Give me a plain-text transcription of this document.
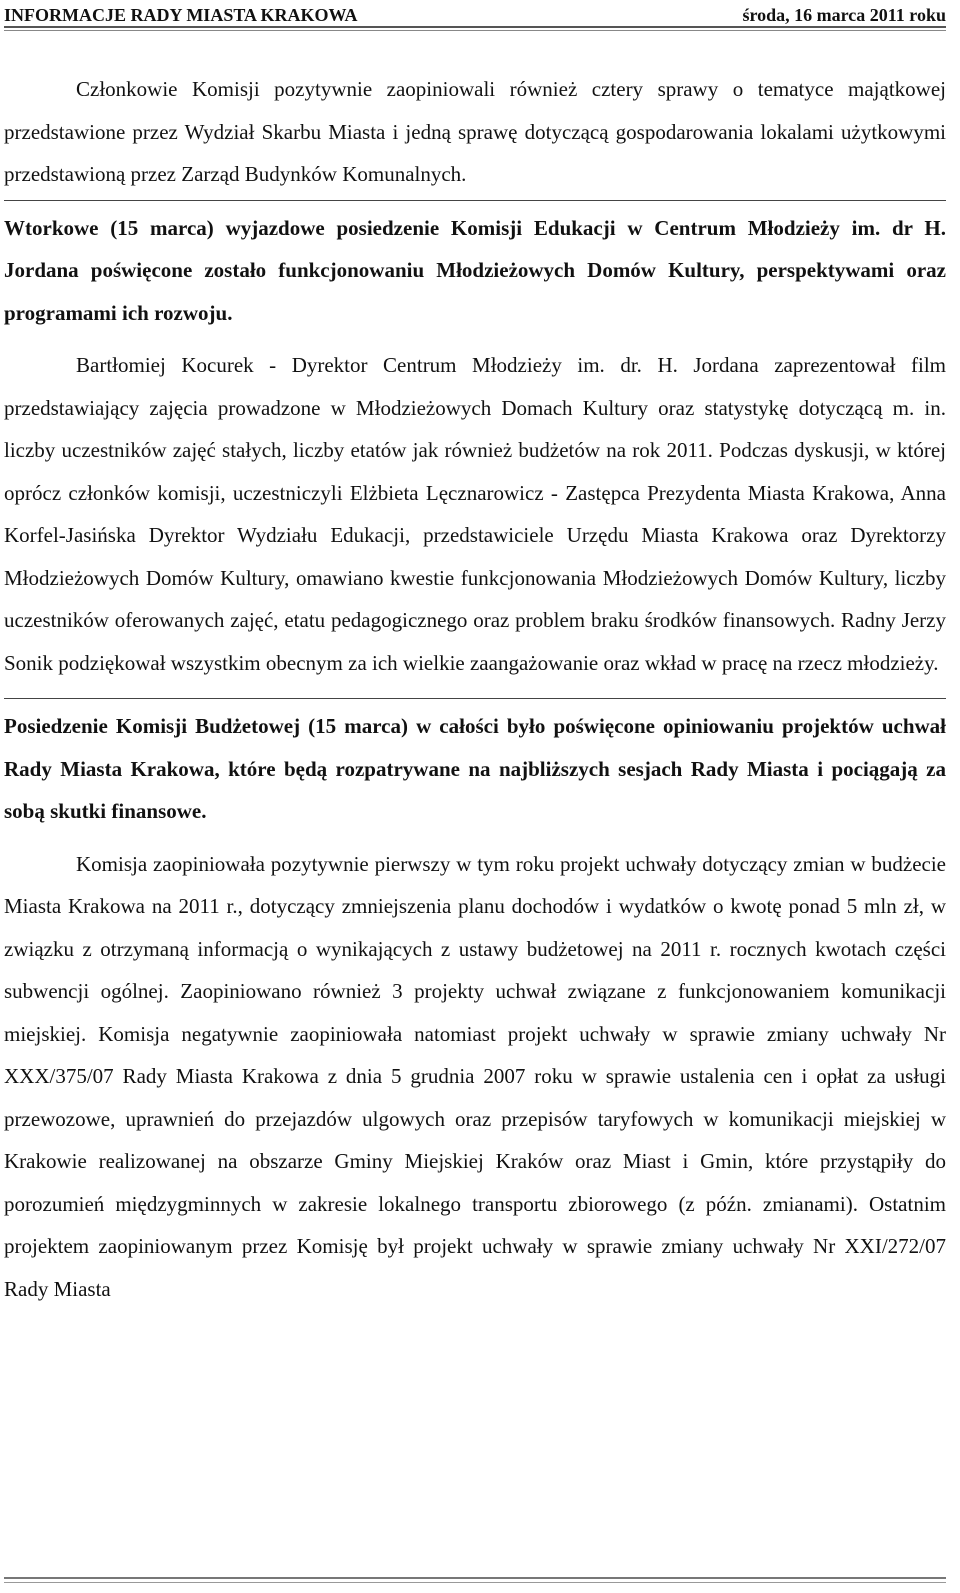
INFORMACJE RADY MIASTA KRAKOWA	środa, 16 marca 2011 roku

Członkowie Komisji pozytywnie zaopiniowali również cztery sprawy o tematyce majątkowej przedstawione przez Wydział Skarbu Miasta i jedną sprawę dotyczącą gospodarowania lokalami użytkowymi przedstawioną przez Zarząd Budynków Komunalnych.

Wtorkowe (15 marca) wyjazdowe posiedzenie Komisji Edukacji w Centrum Młodzieży im. dr H. Jordana poświęcone zostało funkcjonowaniu Młodzieżowych Domów Kultury, perspektywami oraz programami ich rozwoju.

Bartłomiej Kocurek - Dyrektor Centrum Młodzieży im. dr. H. Jordana zaprezentował film przedstawiający zajęcia prowadzone w Młodzieżowych Domach Kultury oraz statystykę dotyczącą m. in. liczby uczestników zajęć stałych, liczby etatów jak również budżetów na rok 2011. Podczas dyskusji, w której oprócz członków komisji, uczestniczyli Elżbieta Lęcznarowicz - Zastępca Prezydenta Miasta Krakowa, Anna Korfel-Jasińska Dyrektor Wydziału Edukacji, przedstawiciele Urzędu Miasta Krakowa oraz Dyrektorzy Młodzieżowych Domów Kultury, omawiano kwestie funkcjonowania Młodzieżowych Domów Kultury, liczby uczestników oferowanych zajęć, etatu pedagogicznego oraz problem braku środków finansowych. Radny Jerzy Sonik podziękował wszystkim obecnym za ich wielkie zaangażowanie oraz wkład w pracę na rzecz młodzieży.

Posiedzenie Komisji Budżetowej (15 marca) w całości było poświęcone opiniowaniu projektów uchwał Rady Miasta Krakowa, które będą rozpatrywane na najbliższych sesjach Rady Miasta i pociągają za sobą skutki finansowe.

Komisja zaopiniowała pozytywnie pierwszy w tym roku projekt uchwały dotyczący zmian w budżecie Miasta Krakowa na 2011 r., dotyczący zmniejszenia planu dochodów i wydatków o kwotę ponad 5 mln zł, w związku z otrzymaną informacją o wynikających z ustawy budżetowej na 2011 r. rocznych kwotach części subwencji ogólnej. Zaopiniowano również 3 projekty uchwał związane z funkcjonowaniem komunikacji miejskiej. Komisja negatywnie zaopiniowała natomiast projekt uchwały w sprawie zmiany uchwały Nr XXX/375/07 Rady Miasta Krakowa z dnia 5 grudnia 2007 roku w sprawie ustalenia cen i opłat za usługi przewozowe, uprawnień do przejazdów ulgowych oraz przepisów taryfowych w komunikacji miejskiej w Krakowie realizowanej na obszarze Gminy Miejskiej Kraków oraz Miast i Gmin, które przystąpiły do porozumień międzygminnych w zakresie lokalnego transportu zbiorowego (z późn. zmianami). Ostatnim projektem zaopiniowanym przez Komisję był projekt uchwały w sprawie zmiany uchwały Nr XXI/272/07 Rady Miasta
